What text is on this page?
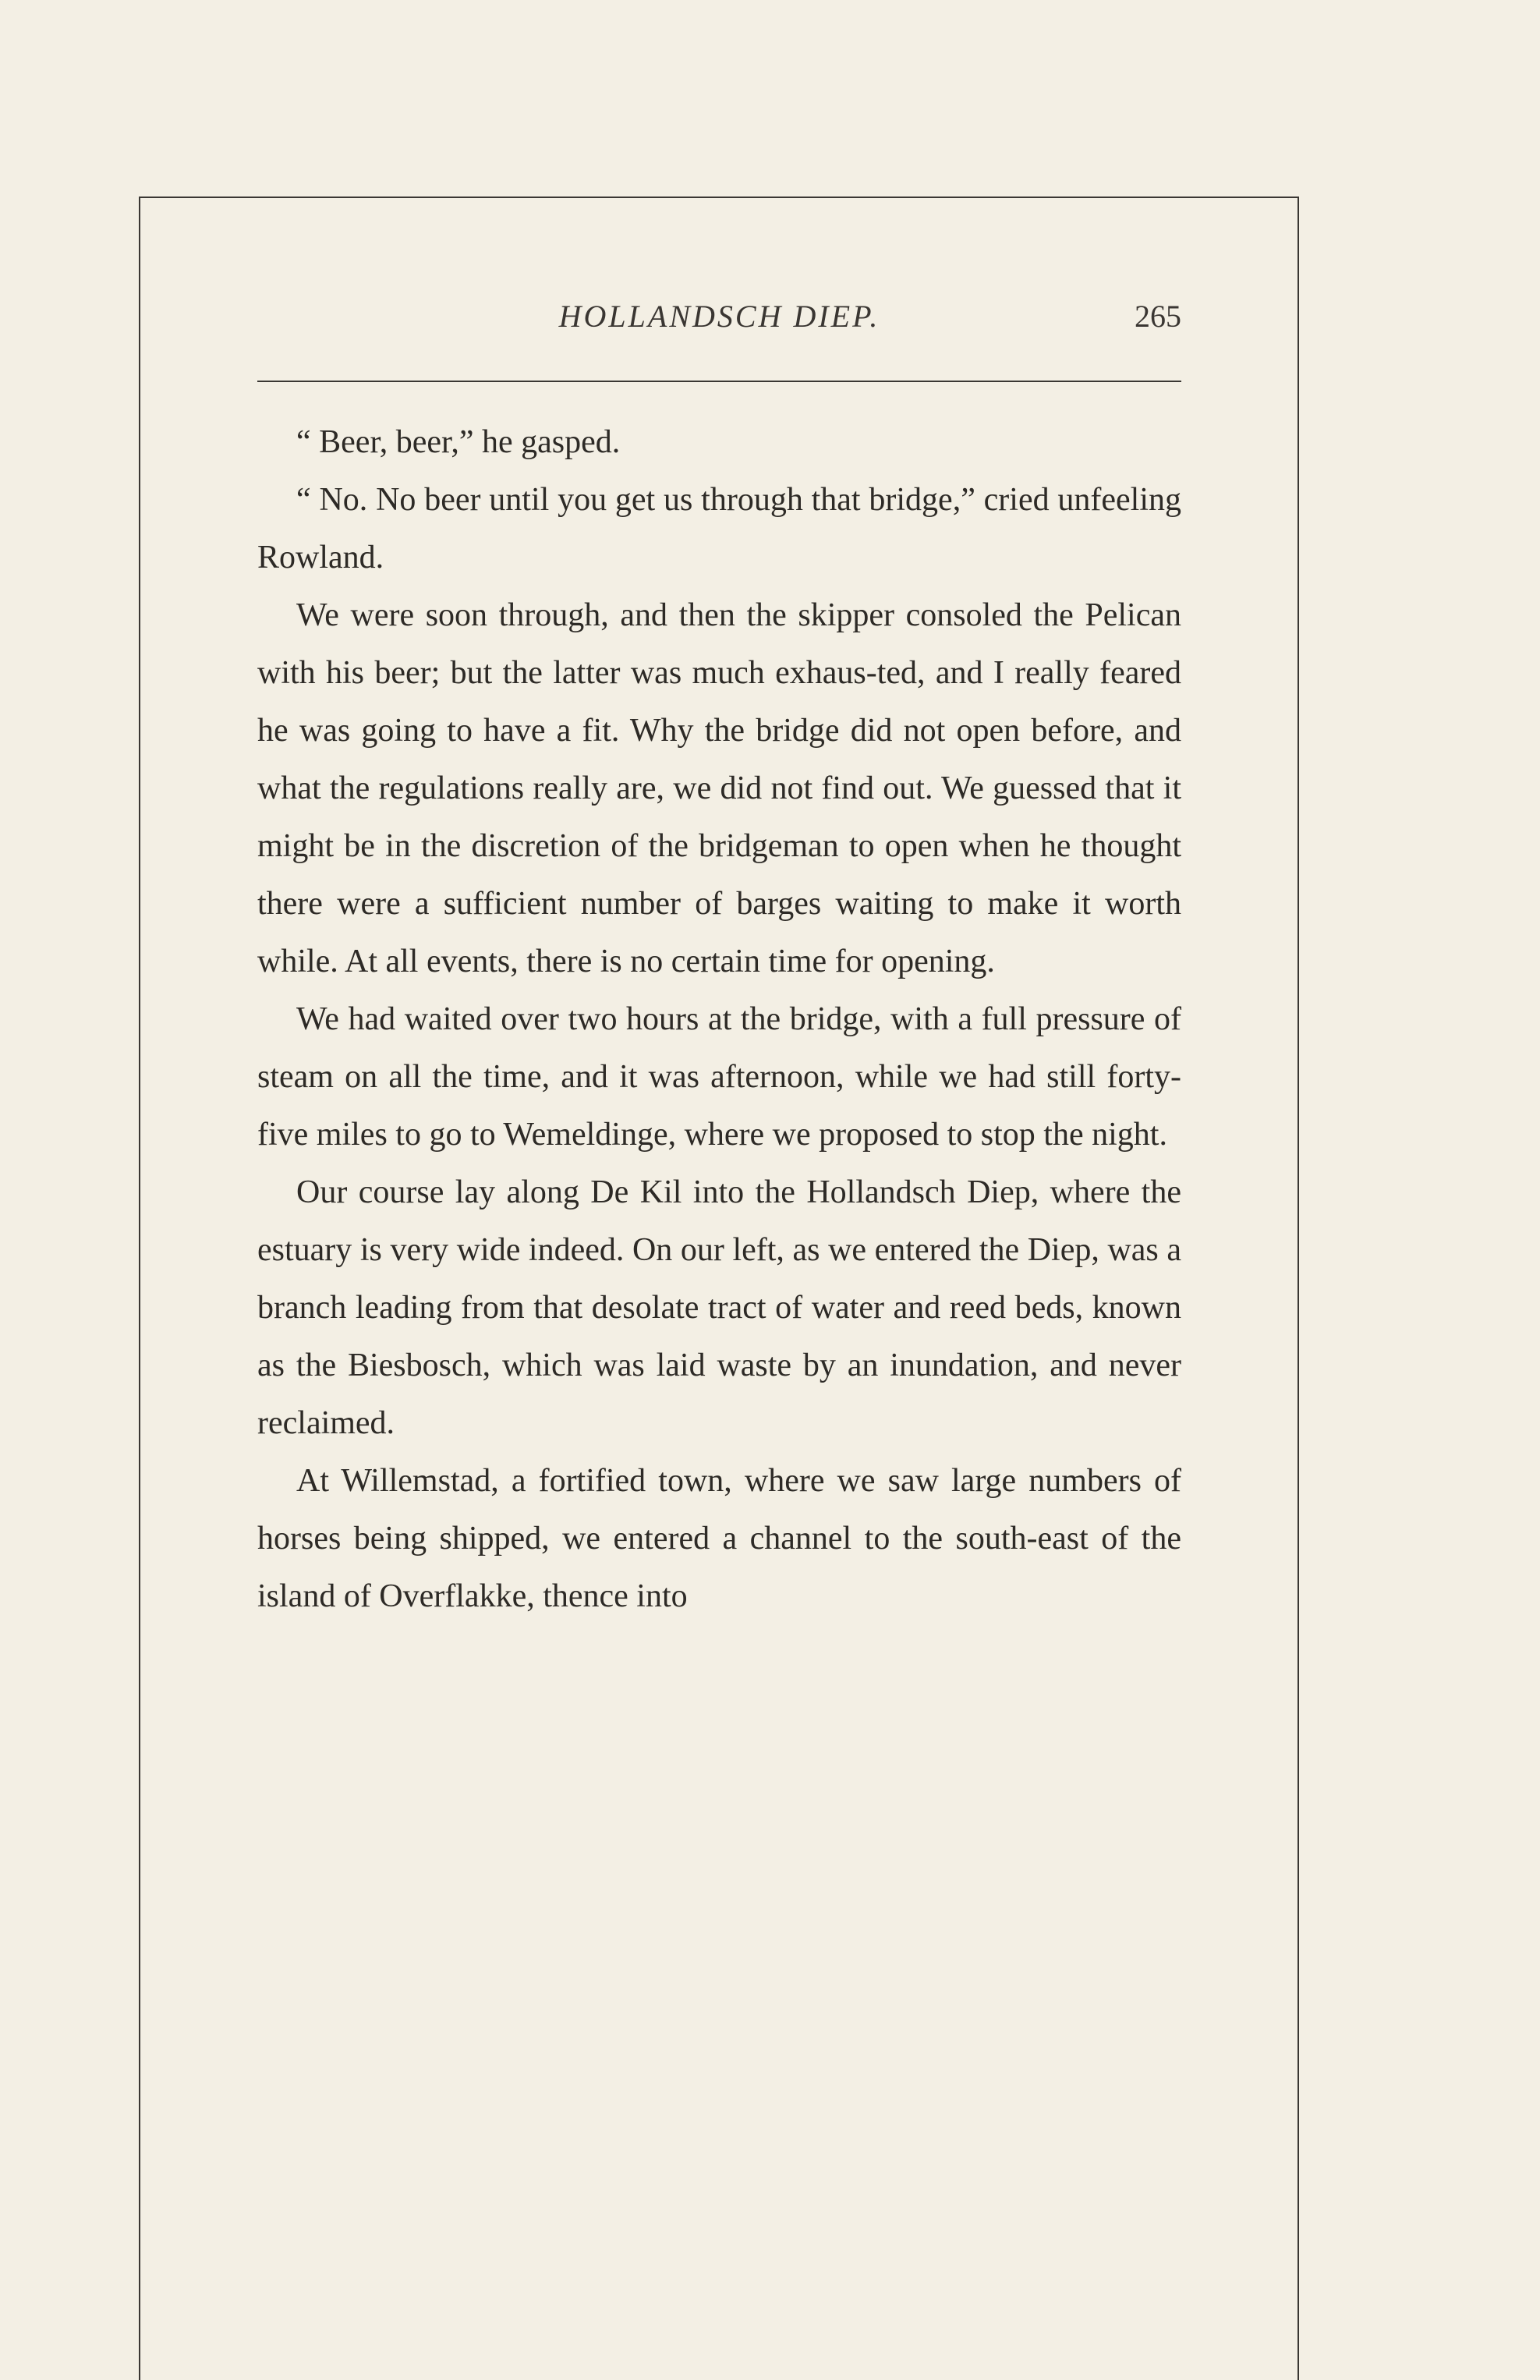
HOLLANDSCH DIEP.	265

“ Beer, beer,” he gasped.

“ No. No beer until you get us through that bridge,” cried unfeeling Rowland.

We were soon through, and then the skipper consoled the Pelican with his beer; but the latter was much exhaus-ted, and I really feared he was going to have a fit. Why the bridge did not open before, and what the regulations really are, we did not find out. We guessed that it might be in the discretion of the bridgeman to open when he thought there were a sufficient number of barges waiting to make it worth while. At all events, there is no certain time for opening.

We had waited over two hours at the bridge, with a full pressure of steam on all the time, and it was afternoon, while we had still forty-five miles to go to Wemeldinge, where we proposed to stop the night.

Our course lay along De Kil into the Hollandsch Diep, where the estuary is very wide indeed. On our left, as we entered the Diep, was a branch leading from that desolate tract of water and reed beds, known as the Biesbosch, which was laid waste by an inundation, and never reclaimed.

At Willemstad, a fortified town, where we saw large numbers of horses being shipped, we entered a channel to the south-east of the island of Overflakke, thence into
